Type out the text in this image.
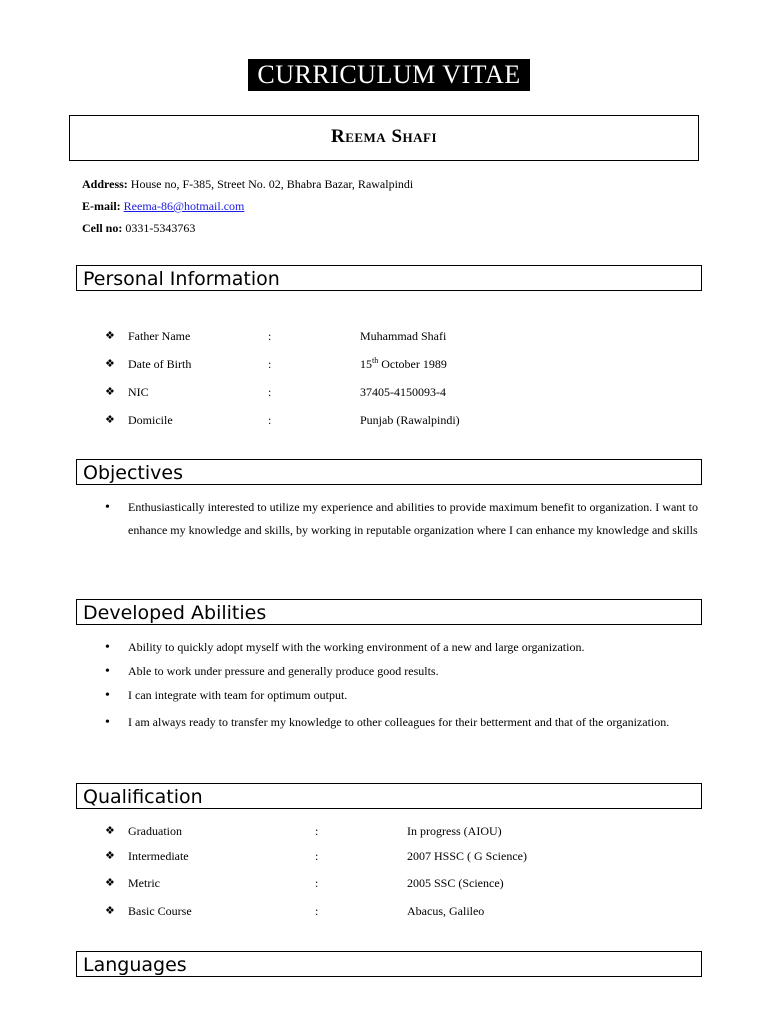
CURRICULUM VITAE
Reema Shafi
Address: House no, F-385, Street No. 02, Bhabra Bazar, Rawalpindi
E-mail: Reema-86@hotmail.com
Cell no: 0331-5343763
Personal Information
❖ Father Name	:	Muhammad Shafi
❖ Date of Birth	:	15th October 1989
❖ NIC	:	37405-4150093-4
❖ Domicile	:	Punjab (Rawalpindi)
Objectives
• Enthusiastically interested to utilize my experience and abilities to provide maximum benefit to organization. I want to enhance my knowledge and skills, by working in reputable organization where I can enhance my knowledge and skills
Developed Abilities
• Ability to quickly adopt myself with the working environment of a new and large organization.
• Able to work under pressure and generally produce good results.
• I can integrate with team for optimum output.
• I am always ready to transfer my knowledge to other colleagues for their betterment and that of the organization.
Qualification
❖ Graduation	:	In progress (AIOU)
❖ Intermediate	:	2007 HSSC ( G Science)
❖ Metric	:	2005 SSC (Science)
❖ Basic Course	:	Abacus, Galileo
Languages
